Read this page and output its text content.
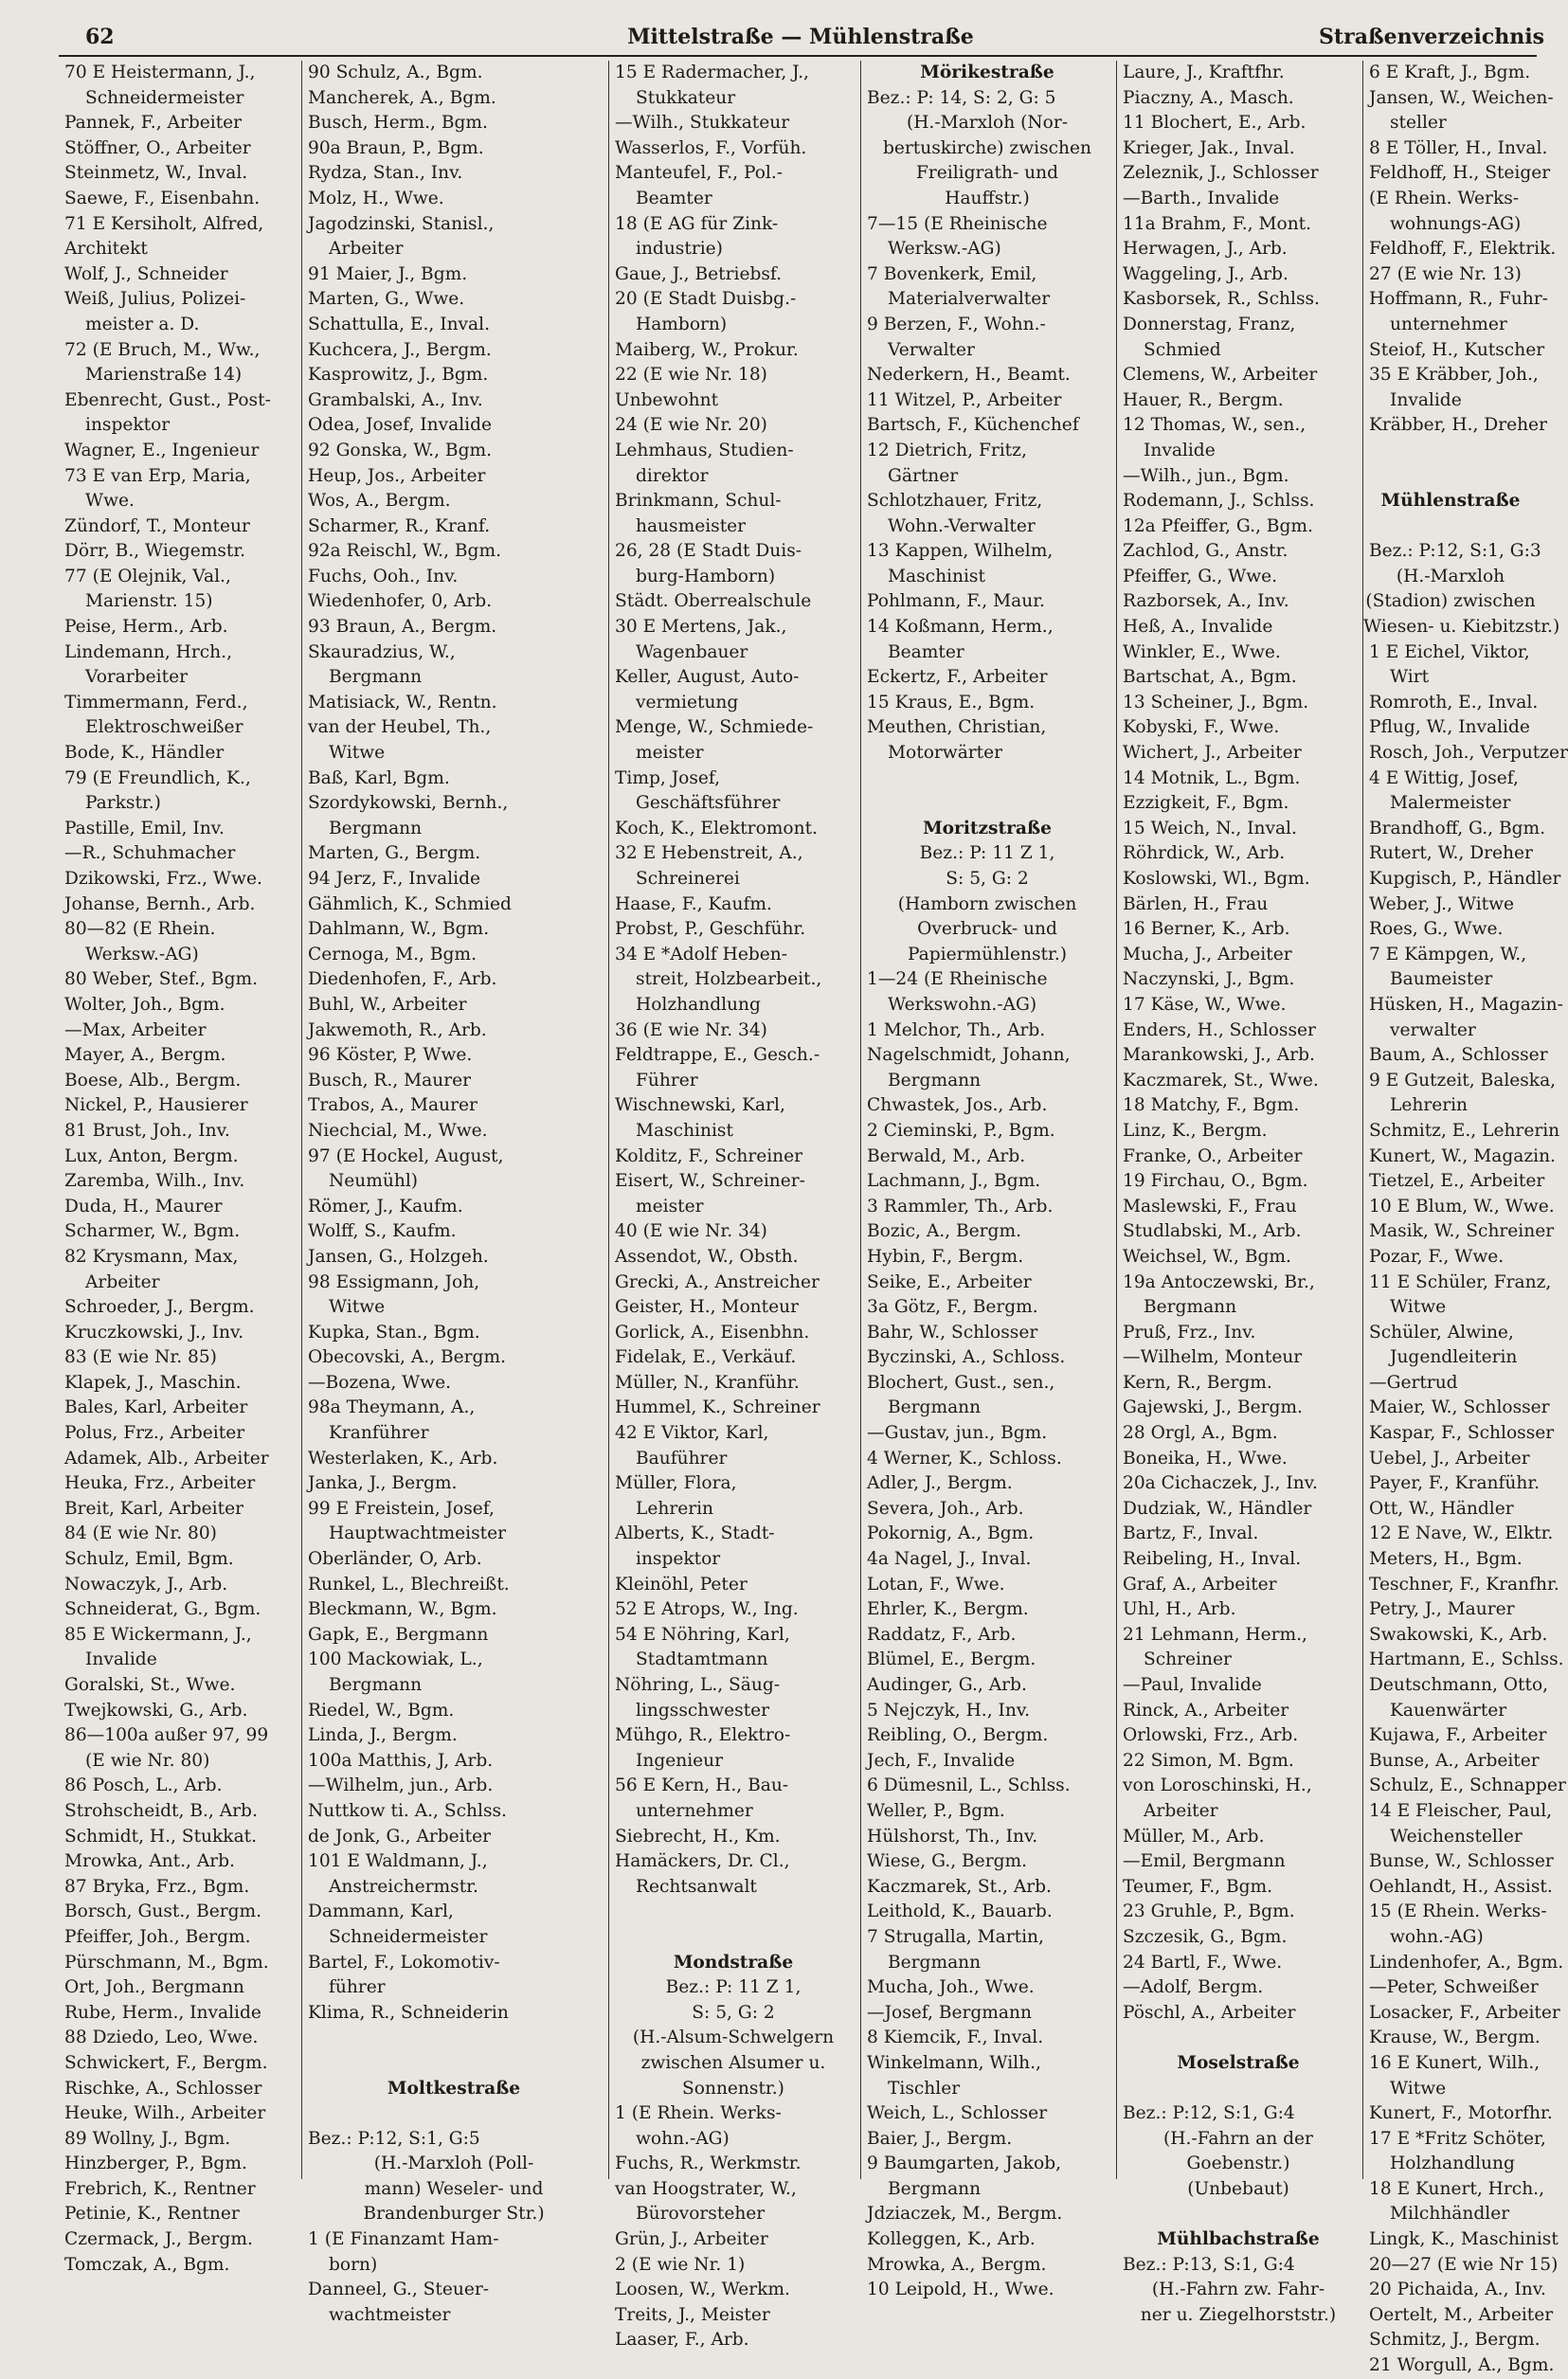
62	Mittelstraße — Mühlenstraße	Straßenverzeichnis
70 E Heistermann, J.,
Schneidermeister
Pannek, F., Arbeiter
Stöffner, O., Arbeiter
Steinmetz, W., Inval.
Saewe, F., Eisenbahn.
71 E Kersiholt, Alfred,
Architekt
Wolf, J., Schneider
Weiß, Julius, Polizei-
meister a. D.
72 (E Bruch, M., Ww.,
Marienstraße 14)
Ebenrecht, Gust., Post-
inspektor
Wagner, E., Ingenieur
73 E van Erp, Maria,
Wwe.
Zündorf, T., Monteur
Dörr, B., Wiegemstr.
77 (E Olejnik, Val.,
Marienstr. 15)
Peise, Herm., Arb.
Lindemann, Hrch.,
Vorarbeiter
Timmermann, Ferd.,
Elektroschweißer
Bode, K., Händler
79 (E Freundlich, K.,
Parkstr.)
Pastille, Emil, Inv.
—R., Schuhmacher
Dzikowski, Frz., Wwe.
Johanse, Bernh., Arb.
80—82 (E Rhein.
Werksw.-AG)
80 Weber, Stef., Bgm.
Wolter, Joh., Bgm.
—Max, Arbeiter
Mayer, A., Bergm.
Boese, Alb., Bergm.
Nickel, P., Hausierer
81 Brust, Joh., Inv.
Lux, Anton, Bergm.
Zaremba, Wilh., Inv.
Duda, H., Maurer
Scharmer, W., Bgm.
82 Krysmann, Max,
Arbeiter
Schroeder, J., Bergm.
Kruczkowski, J., Inv.
83 (E wie Nr. 85)
Klapek, J., Maschin.
Bales, Karl, Arbeiter
Polus, Frz., Arbeiter
Adamek, Alb., Arbeiter
Heuka, Frz., Arbeiter
Breit, Karl, Arbeiter
84 (E wie Nr. 80)
Schulz, Emil, Bgm.
Nowaczyk, J., Arb.
Schneiderat, G., Bgm.
85 E Wickermann, J.,
Invalide
Goralski, St., Wwe.
Twejkowski, G., Arb.
86—100a außer 97, 99
(E wie Nr. 80)
86 Posch, L., Arb.
Strohscheidt, B., Arb.
Schmidt, H., Stukkat.
Mrowka, Ant., Arb.
87 Bryka, Frz., Bgm.
Borsch, Gust., Bergm.
Pfeiffer, Joh., Bergm.
Pürschmann, M., Bgm.
Ort, Joh., Bergmann
Rube, Herm., Invalide
88 Dziedo, Leo, Wwe.
Schwickert, F., Bergm.
Rischke, A., Schlosser
Heuke, Wilh., Arbeiter
89 Wollny, J., Bgm.
Hinzberger, P., Bgm.
Frebrich, K., Rentner
Petinie, K., Rentner
Czermack, J., Bergm.
Tomczak, A., Bgm.
90 Schulz, A., Bgm.
Mancherek, A., Bgm.
Busch, Herm., Bgm.
90a Braun, P., Bgm.
Rydza, Stan., Inv.
Molz, H., Wwe.
Jagodzinski, Stanisl.,
Arbeiter
91 Maier, J., Bgm.
Marten, G., Wwe.
Schattulla, E., Inval.
Kuchcera, J., Bergm.
Kasprowitz, J., Bgm.
Grambalski, A., Inv.
Odea, Josef, Invalide
92 Gonska, W., Bgm.
Heup, Jos., Arbeiter
Wos, A., Bergm.
Scharmer, R., Kranf.
92a Reischl, W., Bgm.
Fuchs, Ooh., Inv.
Wiedenhofer, 0, Arb.
93 Braun, A., Bergm.
Skauradzius, W.,
Bergmann
Matisiack, W., Rentn.
van der Heubel, Th.,
Witwe
Baß, Karl, Bgm.
Szordykowski, Bernh.,
Bergmann
Marten, G., Bergm.
94 Jerz, F., Invalide
Gähmlich, K., Schmied
Dahlmann, W., Bgm.
Cernoga, M., Bgm.
Diedenhofen, F., Arb.
Buhl, W., Arbeiter
Jakwemoth, R., Arb.
96 Köster, P, Wwe.
Busch, R., Maurer
Trabos, A., Maurer
Niechcial, M., Wwe.
97 (E Hockel, August,
Neumühl)
Römer, J., Kaufm.
Wolff, S., Kaufm.
Jansen, G., Holzgeh.
98 Essigmann, Joh,
Witwe
Kupka, Stan., Bgm.
Obecovski, A., Bergm.
—Bozena, Wwe.
98a Theymann, A.,
Kranführer
Westerlaken, K., Arb.
Janka, J., Bergm.
99 E Freistein, Josef,
Hauptwachtmeister
Oberländer, O, Arb.
Runkel, L., Blechreißt.
Bleckmann, W., Bgm.
Gapk, E., Bergmann
100 Mackowiak, L.,
Bergmann
Riedel, W., Bgm.
Linda, J., Bergm.
100a Matthis, J, Arb.
—Wilhelm, jun., Arb.
Nuttkow ti. A., Schlss.
de Jonk, G., Arbeiter
101 E Waldmann, J.,
Anstreichermstr.
Dammann, Karl,
Schneidermeister
Bartel, F., Lokomotiv-
führer
Klima, R., Schneiderin
Moltkestraße
Bez.: P:12, S:1, G:5
(H.-Marxloh (Poll-
mann) Weseler- und
Brandenburger Str.)
1 (E Finanzamt Ham-
born)
Danneel, G., Steuer-
wachtmeister
15 E Radermacher, J.,
Stukkateur
—Wilh., Stukkateur
Wasserlos, F., Vorfüh.
Manteufel, F., Pol.-
Beamter
18 (E AG für Zink-
industrie)
Gaue, J., Betriebsf.
20 (E Stadt Duisbg.-
Hamborn)
Maiberg, W., Prokur.
22 (E wie Nr. 18)
Unbewohnt
24 (E wie Nr. 20)
Lehmhaus, Studien-
direktor
Brinkmann, Schul-
hausmeister
26, 28 (E Stadt Duis-
burg-Hamborn)
Städt. Oberrealschule
30 E Mertens, Jak.,
Wagenbauer
Keller, August, Auto-
vermietung
Menge, W., Schmiede-
meister
Timp, Josef,
Geschäftsführer
Koch, K., Elektromont.
32 E Hebenstreit, A.,
Schreinerei
Haase, F., Kaufm.
Probst, P., Geschführ.
34 E *Adolf Heben-
streit, Holzbearbeit.,
Holzhandlung
36 (E wie Nr. 34)
Feldtrappe, E., Gesch.-
Führer
Wischnewski, Karl,
Maschinist
Kolditz, F., Schreiner
Eisert, W., Schreiner-
meister
40 (E wie Nr. 34)
Assendot, W., Obsth.
Grecki, A., Anstreicher
Geister, H., Monteur
Gorlick, A., Eisenbhn.
Fidelak, E., Verkäuf.
Müller, N., Kranführ.
Hummel, K., Schreiner
42 E Viktor, Karl,
Bauführer
Müller, Flora,
Lehrerin
Alberts, K., Stadt-
inspektor
Kleinöhl, Peter
52 E Atrops, W., Ing.
54 E Nöhring, Karl,
Stadtamtmann
Nöhring, L., Säug-
lingsschwester
Mühgo, R., Elektro-
Ingenieur
56 E Kern, H., Bau-
unternehmer
Siebrecht, H., Km.
Hamäckers, Dr. Cl.,
Rechtsanwalt
Mondstraße
Bez.: P: 11 Z 1,
S: 5, G: 2
(H.-Alsum-Schwelgern
zwischen Alsumer u.
Sonnenstr.)
1 (E Rhein. Werks-
wohn.-AG)
Fuchs, R., Werkmstr.
van Hoogstrater, W.,
Bürovorsteher
Grün, J., Arbeiter
2 (E wie Nr. 1)
Loosen, W., Werkm.
Treits, J., Meister
Laaser, F., Arb.
Mörikestraße
Bez.: P: 14, S: 2, G: 5
(H.-Marxloh (Nor-
bertuskirche) zwischen
Freiligrath- und
Hauffstr.)
7—15 (E Rheinische
Werksw.-AG)
7 Bovenkerk, Emil,
Materialverwalter
9 Berzen, F., Wohn.-
Verwalter
Nederkern, H., Beamt.
11 Witzel, P., Arbeiter
Bartsch, F., Küchenchef
12 Dietrich, Fritz,
Gärtner
Schlotzhauer, Fritz,
Wohn.-Verwalter
13 Kappen, Wilhelm,
Maschinist
Pohlmann, F., Maur.
14 Koßmann, Herm.,
Beamter
Eckertz, F., Arbeiter
15 Kraus, E., Bgm.
Meuthen, Christian,
Motorwärter
Moritzstraße
Bez.: P: 11 Z 1,
S: 5, G: 2
(Hamborn zwischen
Overbruck- und
Papiermühlenstr.)
1—24 (E Rheinische
Werkswohn.-AG)
1 Melchor, Th., Arb.
Nagelschmidt, Johann,
Bergmann
Chwastek, Jos., Arb.
2 Cieminski, P., Bgm.
Berwald, M., Arb.
Lachmann, J., Bgm.
3 Rammler, Th., Arb.
Bozic, A., Bergm.
Hybin, F., Bergm.
Seike, E., Arbeiter
3a Götz, F., Bergm.
Bahr, W., Schlosser
Byczinski, A., Schloss.
Blochert, Gust., sen.,
Bergmann
—Gustav, jun., Bgm.
4 Werner, K., Schloss.
Adler, J., Bergm.
Severa, Joh., Arb.
Pokornig, A., Bgm.
4a Nagel, J., Inval.
Lotan, F., Wwe.
Ehrler, K., Bergm.
Raddatz, F., Arb.
Blümel, E., Bergm.
Audinger, G., Arb.
5 Nejczyk, H., Inv.
Reibling, O., Bergm.
Jech, F., Invalide
6 Dümesnil, L., Schlss.
Weller, P., Bgm.
Hülshorst, Th., Inv.
Wiese, G., Bergm.
Kaczmarek, St., Arb.
Leithold, K., Bauarb.
7 Strugalla, Martin,
Bergmann
Mucha, Joh., Wwe.
—Josef, Bergmann
8 Kiemcik, F., Inval.
Winkelmann, Wilh.,
Tischler
Weich, L., Schlosser
Baier, J., Bergm.
9 Baumgarten, Jakob,
Bergmann
Jdziaczek, M., Bergm.
Kolleggen, K., Arb.
Mrowka, A., Bergm.
10 Leipold, H., Wwe.
Laure, J., Kraftfhr.
Piaczny, A., Masch.
11 Blochert, E., Arb.
Krieger, Jak., Inval.
Zeleznik, J., Schlosser
—Barth., Invalide
11a Brahm, F., Mont.
Herwagen, J., Arb.
Waggeling, J., Arb.
Kasborsek, R., Schlss.
Donnerstag, Franz,
Schmied
Clemens, W., Arbeiter
Hauer, R., Bergm.
12 Thomas, W., sen.,
Invalide
—Wilh., jun., Bgm.
Rodemann, J., Schlss.
12a Pfeiffer, G., Bgm.
Zachlod, G., Anstr.
Pfeiffer, G., Wwe.
Razborsek, A., Inv.
Heß, A., Invalide
Winkler, E., Wwe.
Bartschat, A., Bgm.
13 Scheiner, J., Bgm.
Kobyski, F., Wwe.
Wichert, J., Arbeiter
14 Motnik, L., Bgm.
Ezzigkeit, F., Bgm.
15 Weich, N., Inval.
Röhrdick, W., Arb.
Koslowski, Wl., Bgm.
Bärlen, H., Frau
16 Berner, K., Arb.
Mucha, J., Arbeiter
Naczynski, J., Bgm.
17 Käse, W., Wwe.
Enders, H., Schlosser
Marankowski, J., Arb.
Kaczmarek, St., Wwe.
18 Matchy, F., Bgm.
Linz, K., Bergm.
Franke, O., Arbeiter
19 Firchau, O., Bgm.
Maslewski, F., Frau
Studlabski, M., Arb.
Weichsel, W., Bgm.
19a Antoczewski, Br.,
Bergmann
Pruß, Frz., Inv.
—Wilhelm, Monteur
Kern, R., Bergm.
Gajewski, J., Bergm.
28 Orgl, A., Bgm.
Boneika, H., Wwe.
20a Cichaczek, J., Inv.
Dudziak, W., Händler
Bartz, F., Inval.
Reibeling, H., Inval.
Graf, A., Arbeiter
Uhl, H., Arb.
21 Lehmann, Herm.,
Schreiner
—Paul, Invalide
Rinck, A., Arbeiter
Orlowski, Frz., Arb.
22 Simon, M. Bgm.
von Loroschinski, H.,
Arbeiter
Müller, M., Arb.
—Emil, Bergmann
Teumer, F., Bgm.
23 Gruhle, P., Bgm.
Szczesik, G., Bgm.
24 Bartl, F., Wwe.
—Adolf, Bergm.
Pöschl, A., Arbeiter
Moselstraße
Bez.: P:12, S:1, G:4
(H.-Fahrn an der
Goebenstr.)
(Unbebaut)
Mühlbachstraße
Bez.: P:13, S:1, G:4
(H.-Fahrn zw. Fahr-
ner u. Ziegelhorststr.)
6 E Kraft, J., Bgm.
Jansen, W., Weichen-
steller
8 E Töller, H., Inval.
Feldhoff, H., Steiger
(E Rhein. Werks-
wohnungs-AG)
Feldhoff, F., Elektrik.
27 (E wie Nr. 13)
Hoffmann, R., Fuhr-
unternehmer
Steiof, H., Kutscher
35 E Kräbber, Joh.,
Invalide
Kräbber, H., Dreher
Mühlenstraße
Bez.: P:12, S:1, G:3
(H.-Marxloh
(Stadion) zwischen
Wiesen- u. Kiebitzstr.)
1 E Eichel, Viktor,
Wirt
Romroth, E., Inval.
Pflug, W., Invalide
Rosch, Joh., Verputzer
4 E Wittig, Josef,
Malermeister
Brandhoff, G., Bgm.
Rutert, W., Dreher
Kupgisch, P., Händler
Weber, J., Witwe
Roes, G., Wwe.
7 E Kämpgen, W.,
Baumeister
Hüsken, H., Magazin-
verwalter
Baum, A., Schlosser
9 E Gutzeit, Baleska,
Lehrerin
Schmitz, E., Lehrerin
Kunert, W., Magazin.
Tietzel, E., Arbeiter
10 E Blum, W., Wwe.
Masik, W., Schreiner
Pozar, F., Wwe.
11 E Schüler, Franz,
Witwe
Schüler, Alwine,
Jugendleiterin
—Gertrud
Maier, W., Schlosser
Kaspar, F., Schlosser
Uebel, J., Arbeiter
Payer, F., Kranführ.
Ott, W., Händler
12 E Nave, W., Elktr.
Meters, H., Bgm.
Teschner, F., Kranfhr.
Petry, J., Maurer
Swakowski, K., Arb.
Hartmann, E., Schlss.
Deutschmann, Otto,
Kauenwärter
Kujawa, F., Arbeiter
Bunse, A., Arbeiter
Schulz, E., Schnapper
14 E Fleischer, Paul,
Weichensteller
Bunse, W., Schlosser
Oehlandt, H., Assist.
15 (E Rhein. Werks-
wohn.-AG)
Lindenhofer, A., Bgm.
—Peter, Schweißer
Losacker, F., Arbeiter
Krause, W., Bergm.
16 E Kunert, Wilh.,
Witwe
Kunert, F., Motorfhr.
17 E *Fritz Schöter,
Holzhandlung
18 E Kunert, Hrch.,
Milchhändler
Lingk, K., Maschinist
20—27 (E wie Nr 15)
20 Pichaida, A., Inv.
Oertelt, M., Arbeiter
Schmitz, J., Bergm.
21 Worgull, A., Bgm.
